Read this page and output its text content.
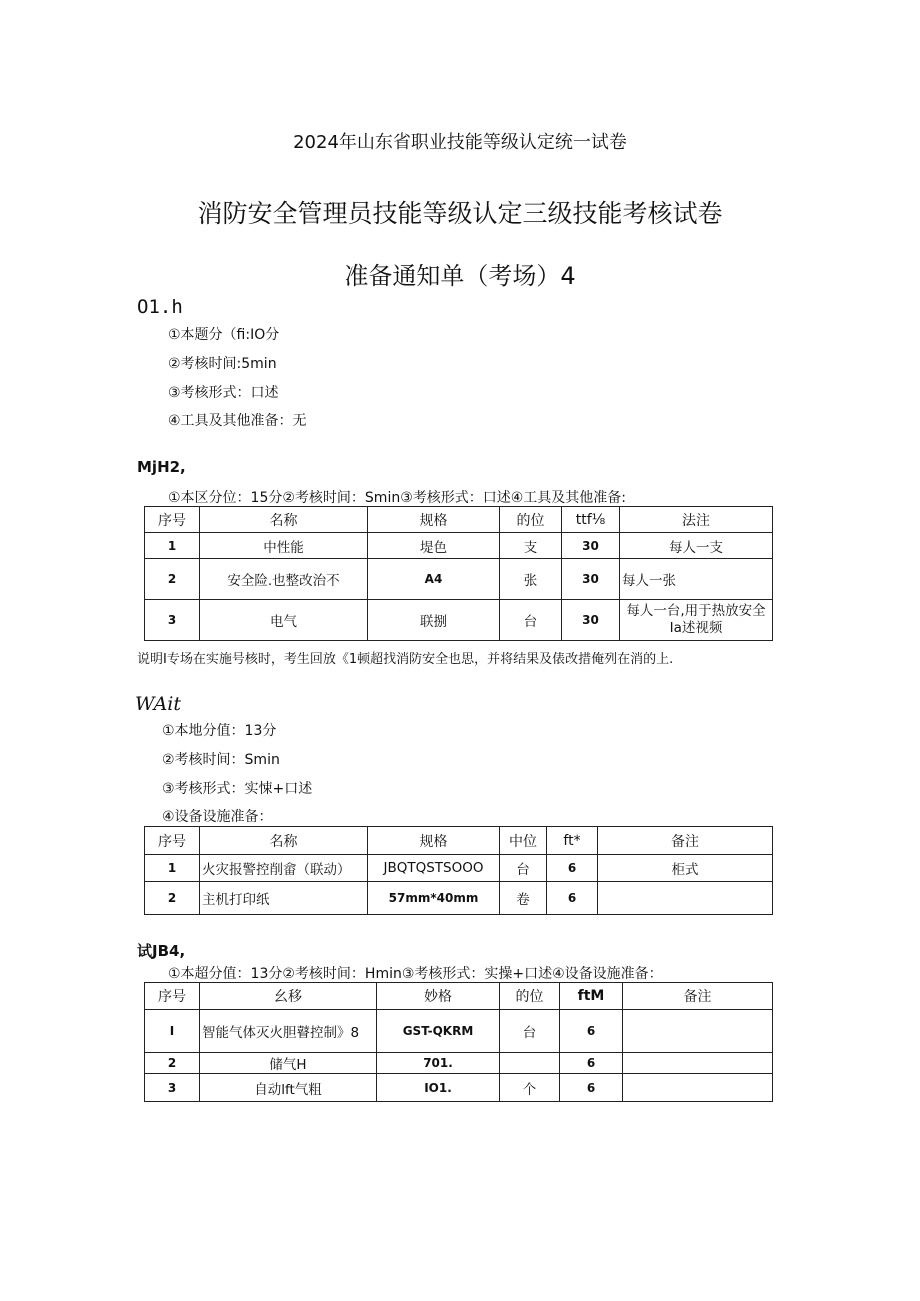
2024年山东省职业技能等级认定统一试卷
消防安全管理员技能等级认定三级技能考核试卷
准备通知单（考场）4
O1.h
①本题分（fi:IO分
②考核时间:5min
③考核形式：口述
④工具及其他准备：无
MjH2,
①本区分位：15分②考核时间：Smin③考核形式：口述④工具及其他准备:
序号	名称	规格	的位	ttf⅛	法注
1	中性能	堤色	支	30	每人一支
2	安全险.也整改治不	A4	张	30	每人一张
3	电气	联捌	台	30	每人一台,用于热放安全Ia述视频
说明I专场在实施号核时，考生回放《1顿超找消防安全也思，并将结果及俵改措俺列在消的上.
WAit
①本地分值：13分
②考核时间：Smin
③考核形式：实悚+口述
④设备设施准备：
序号	名称	规格	中位	ft*	备注
1	火灾报警控削畲（联动）	JBQTQSTSOOO	台	6	柜式
2	主机打印纸	57mm*40mm	卷	6	
试JB4,
①本超分值：13分②考核时间：Hmin③考核形式：实操+口述④设备设施准备：
序号	幺移	妙格	的位	ftM	备注
I	智能气体灭火胆瞽控制》8	GST-QKRM	台	6	
2	储气H	701.		6	
3	自动lft气粗	IO1.	个	6	
